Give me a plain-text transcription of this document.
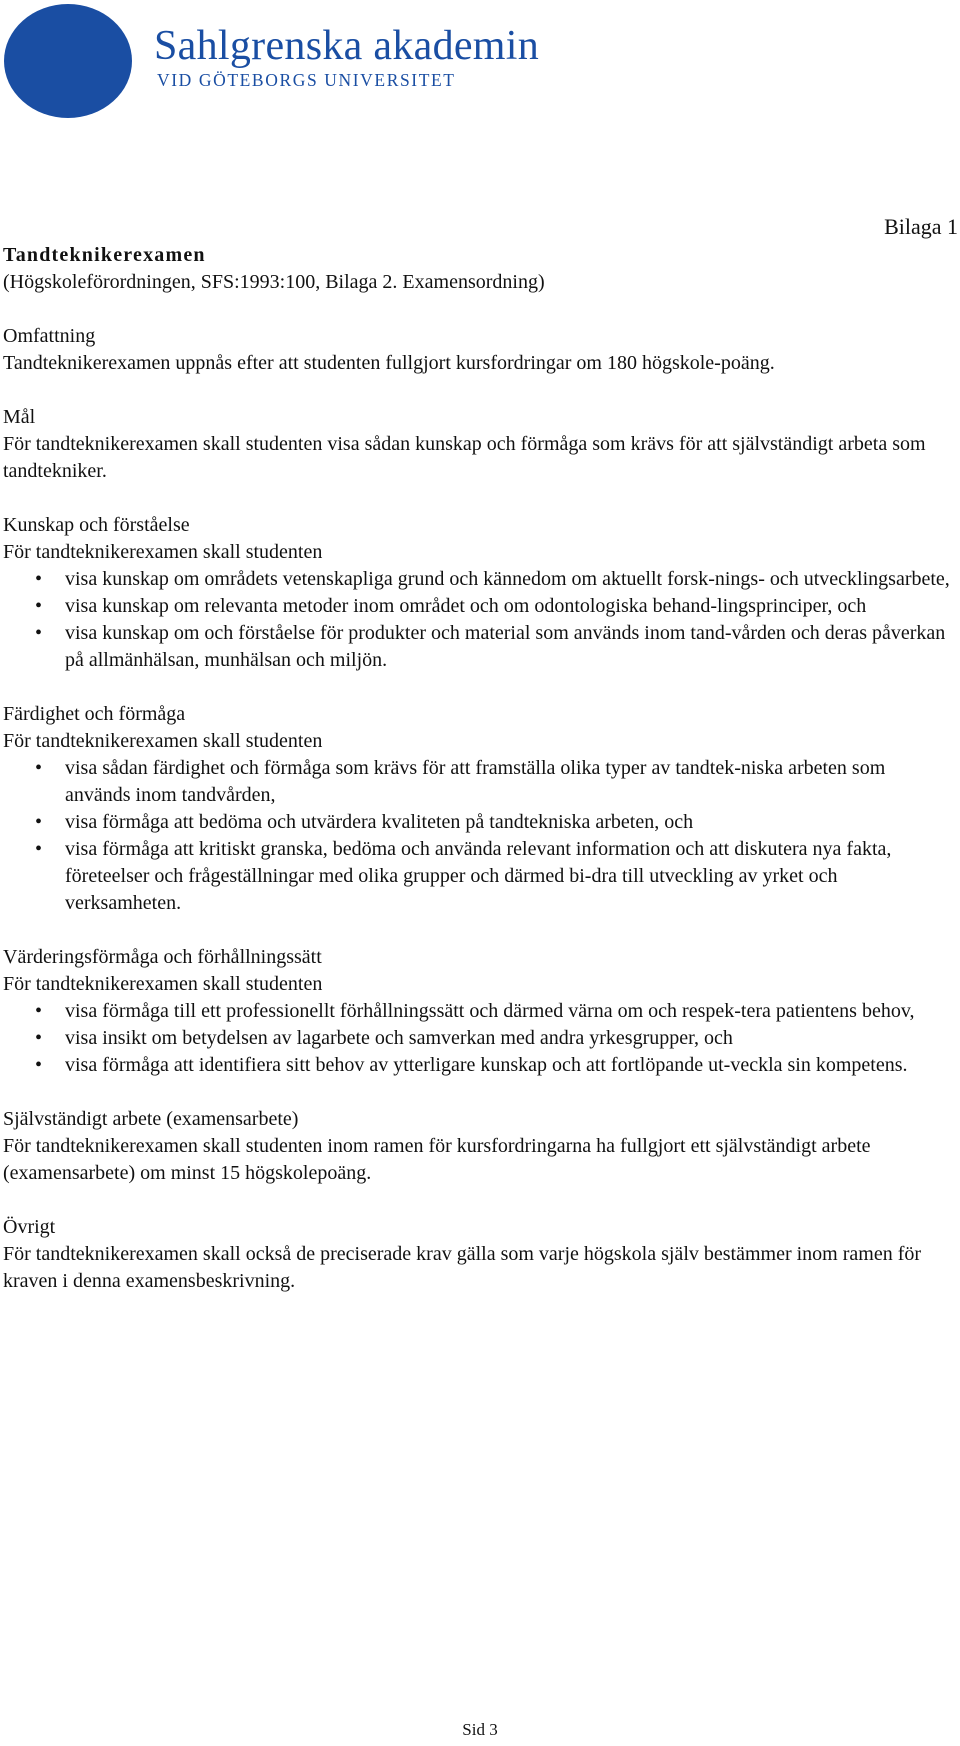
Sahlgrenska akademin
VID GÖTEBORGS UNIVERSITET
Bilaga 1
Tandteknikerexamen
(Högskoleförordningen, SFS:1993:100, Bilaga 2. Examensordning)

Omfattning

Tandteknikerexamen uppnås efter att studenten fullgjort kursfordringar om 180 högskole-poäng.

Mål

För tandteknikerexamen skall studenten visa sådan kunskap och förmåga som krävs för att självständigt arbeta som tandtekniker.

Kunskap och förståelse

För tandteknikerexamen skall studenten

• visa kunskap om områdets vetenskapliga grund och kännedom om aktuellt forsk-nings- och utvecklingsarbete,
• visa kunskap om relevanta metoder inom området och om odontologiska behand-lingsprinciper, och
• visa kunskap om och förståelse för produkter och material som används inom tand-vården och deras påverkan på allmänhälsan, munhälsan och miljön.

Färdighet och förmåga

För tandteknikerexamen skall studenten

• visa sådan färdighet och förmåga som krävs för att framställa olika typer av tandtek-niska arbeten som används inom tandvården,
• visa förmåga att bedöma och utvärdera kvaliteten på tandtekniska arbeten, och
• visa förmåga att kritiskt granska, bedöma och använda relevant information och att diskutera nya fakta, företeelser och frågeställningar med olika grupper och därmed bi-dra till utveckling av yrket och verksamheten.

Värderingsförmåga och förhållningssätt

För tandteknikerexamen skall studenten

• visa förmåga till ett professionellt förhållningssätt och därmed värna om och respek-tera patientens behov,
• visa insikt om betydelsen av lagarbete och samverkan med andra yrkesgrupper, och
• visa förmåga att identifiera sitt behov av ytterligare kunskap och att fortlöpande ut-veckla sin kompetens.

Självständigt arbete (examensarbete)

För tandteknikerexamen skall studenten inom ramen för kursfordringarna ha fullgjort ett självständigt arbete (examensarbete) om minst 15 högskolepoäng.

Övrigt

För tandteknikerexamen skall också de preciserade krav gälla som varje högskola själv bestämmer inom ramen för kraven i denna examensbeskrivning.

Sid 3
